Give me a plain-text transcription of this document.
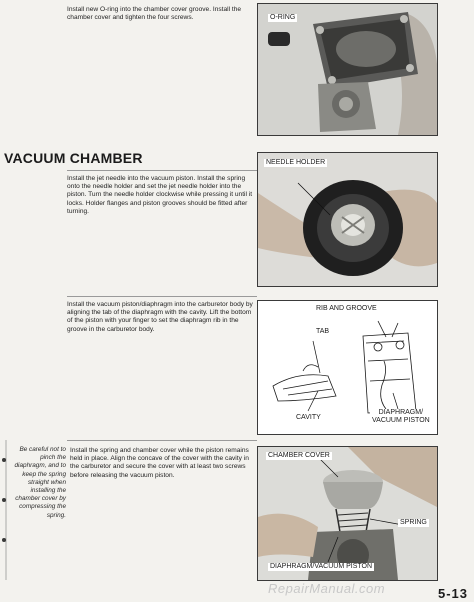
Install new O-ring into the chamber cover groove. Install the chamber cover and tighten the four screws.	O-RING
VACUUM CHAMBER
Install the jet needle into the vacuum piston. Install the spring onto the needle holder and set the jet needle holder into the piston. Turn the needle holder clockwise while pressing it until it locks. Holder flanges and piston grooves should be fitted after turning.
NEEDLE HOLDER
Install the vacuum piston/diaphragm into the carburetor body by aligning the tab of the diaphragm with the cavity. Lift the bottom of the piston with your finger to set the diaphragm rib in the groove in the carburetor body.
RIB AND GROOVE
TAB
CAVITY
DIAPHRAGM/
VACUUM PISTON
Be careful not to pinch the diaphragm, and to keep the spring straight when installing the chamber cover by compressing the spring.
Install the spring and chamber cover while the piston remains held in place. Align the concave of the cover with the cavity in the carburetor and secure the cover with at least two screws before releasing the vacuum piston.
CHAMBER COVER
SPRING
DIAPHRAGM/VACUUM PISTON
RepairManual.com	5-13
